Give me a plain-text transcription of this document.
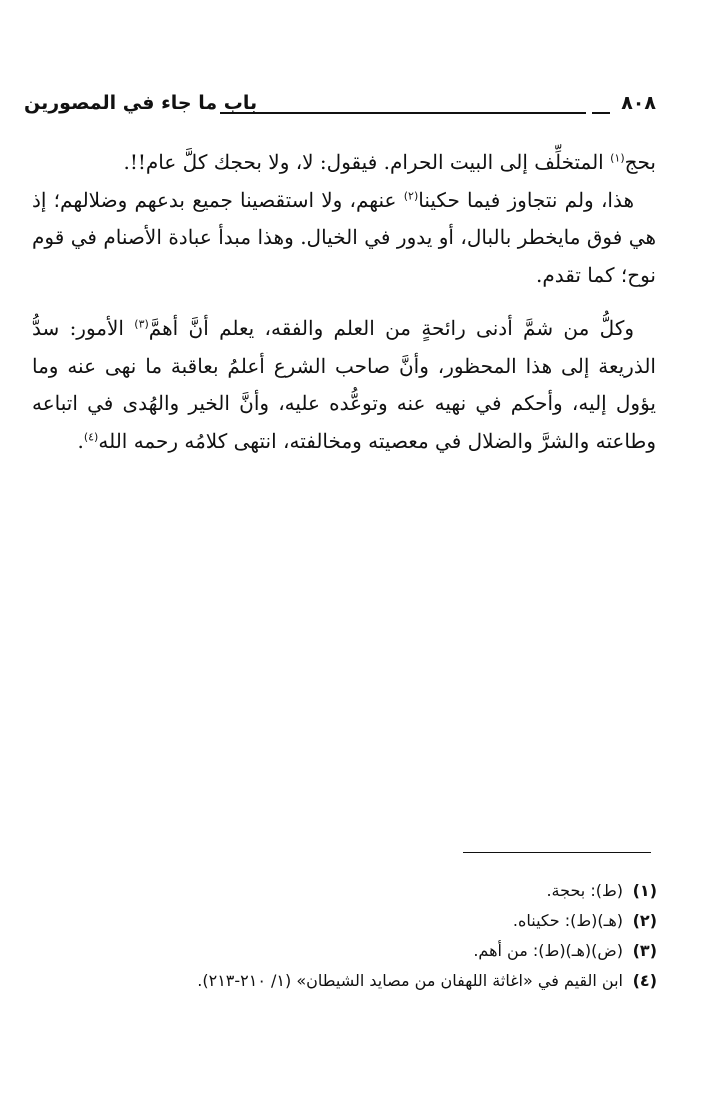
٨٠٨
باب ما جاء في المصورين

بحج$^{(١)}$ المتخلِّف إلى البيت الحرام. فيقول: لا، ولا بحجك كلَّ عام!!.

هذا، ولم نتجاوز فيما حكينا$^{(٢)}$ عنهم، ولا استقصينا جميع بدعهم وضلالهم؛ إذ هي فوق مايخطر بالبال، أو يدور في الخيال. وهذا مبدأ عبادة الأصنام في قوم نوح؛ كما تقدم.

وكلُّ من شمَّ أدنى رائحةٍ من العلم والفقه، يعلم أنَّ أهمَّ$^{(٣)}$ الأمور: سدُّ الذريعة إلى هذا المحظور، وأنَّ صاحب الشرع أعلمُ بعاقبة ما نهى عنه وما يؤول إليه، وأحكم في نهيه عنه وتوعُّده عليه، وأنَّ الخير والهُدى في اتباعه وطاعته والشرَّ والضلال في معصيته ومخالفته، انتهى كلامُه رحمه الله$^{(٤)}$.

(١)
(ط): بحجة.
(٢)
(هـ)(ط): حكيناه.
(٣)
(ض)(هـ)(ط): من أهم.
(٤)
ابن القيم في «اغاثة اللهفان من مصايد الشيطان» (١/ ٢١٠-٢١٣).
